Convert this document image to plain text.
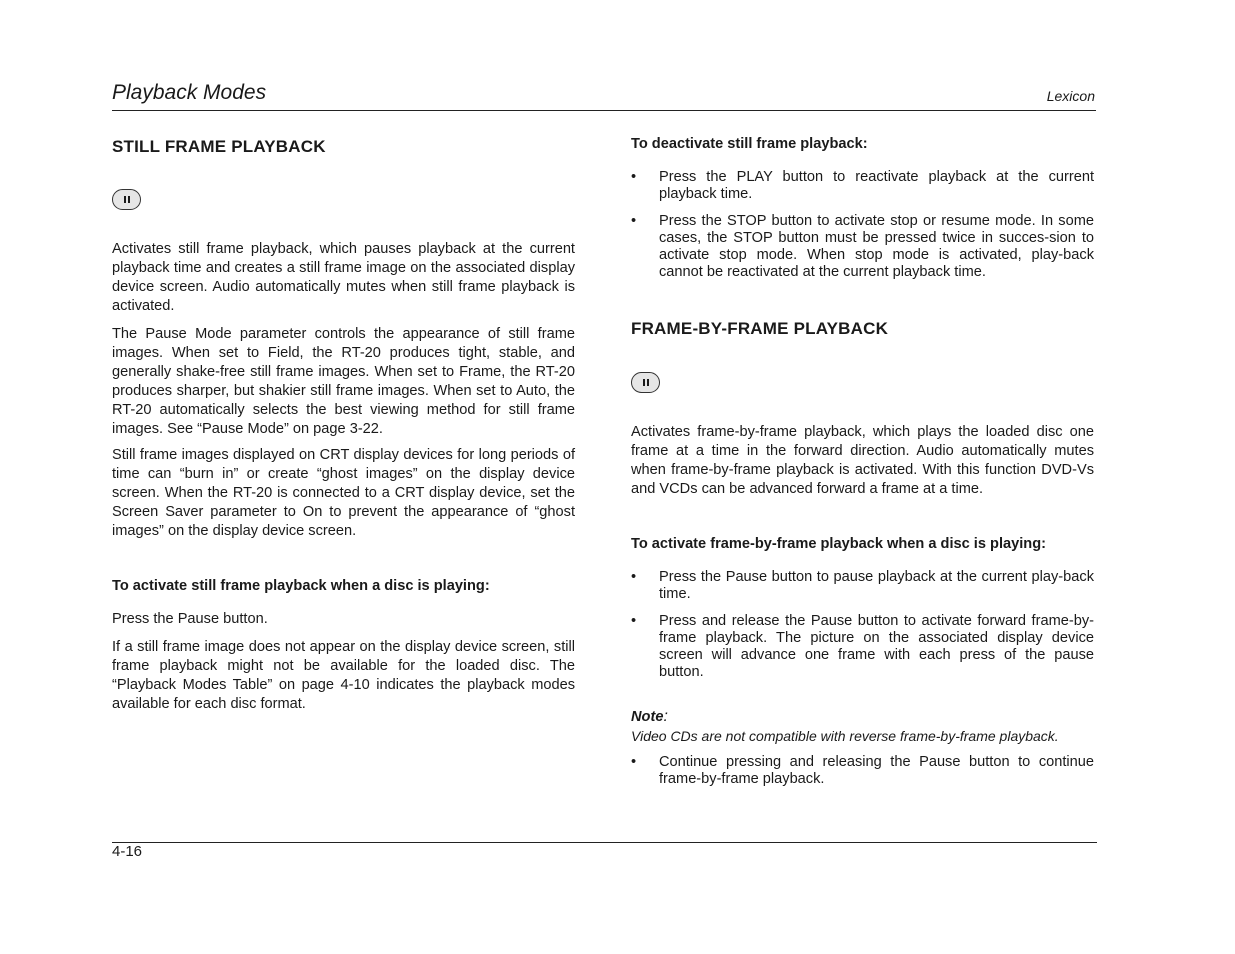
Playback Modes	Lexicon
STILL FRAME PLAYBACK

Activates still frame playback, which pauses playback at the current playback time and creates a still frame image on the associated display device screen. Audio automatically mutes when still frame playback is activated.

The Pause Mode parameter controls the appearance of still frame images. When set to Field, the RT-20 produces tight, stable, and generally shake-free still frame images. When set to Frame, the RT-20 produces sharper, but shakier still frame images. When set to Auto, the RT-20 automatically selects the best viewing method for still frame images. See “Pause Mode” on page 3-22.

Still frame images displayed on CRT display devices for long periods of time can “burn in” or create “ghost images” on the display device screen. When the RT-20 is connected to a CRT display device, set the Screen Saver parameter to On to prevent the appearance of “ghost images” on the display device screen.

To activate still frame playback when a disc is playing:

Press the Pause button.

If a still frame image does not appear on the display device screen, still frame playback might not be available for the loaded disc. The “Playback Modes Table” on page 4-10 indicates the playback modes available for each disc format.

To deactivate still frame playback:
• Press the PLAY button to reactivate playback at the current playback time.
• Press the STOP button to activate stop or resume mode. In some cases, the STOP button must be pressed twice in succes-sion to activate stop mode. When stop mode is activated, play-back cannot be reactivated at the current playback time.
FRAME-BY-FRAME PLAYBACK

Activates frame-by-frame playback, which plays the loaded disc one frame at a time in the forward direction. Audio automatically mutes when frame-by-frame playback is activated. With this function DVD-Vs and VCDs can be advanced forward a frame at a time.

To activate frame-by-frame playback when a disc is playing:
• Press the Pause button to pause playback at the current play-back time.
• Press and release the Pause button to activate forward frame-by-frame playback. The picture on the associated display device screen will advance one frame with each press of the pause button.
Note:
Video CDs are not compatible with reverse frame-by-frame playback.
• Continue pressing and releasing the Pause button to continue frame-by-frame playback.
4-16
